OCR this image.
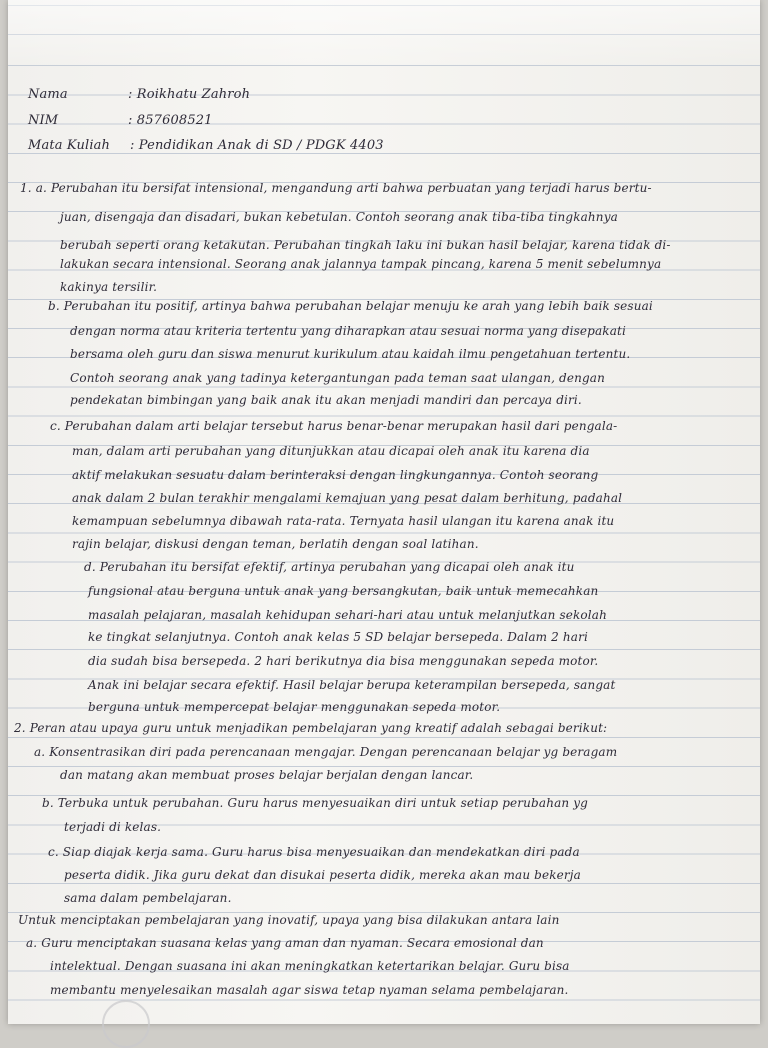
Nama	: Roikhatu Zahroh
NIM	: 857608521
Mata Kuliah : Pendidikan Anak di SD / PDGK 4403
1. a. Perubahan itu bersifat intensional, mengandung arti bahwa perbuatan yang terjadi harus bertu-
juan, disengaja dan disadari, bukan kebetulan. Contoh seorang anak tiba-tiba tingkahnya
berubah seperti orang ketakutan. Perubahan tingkah laku ini bukan hasil belajar, karena tidak di-
lakukan secara intensional. Seorang anak jalannya tampak pincang, karena 5 menit sebelumnya
kakinya tersilir.
b. Perubahan itu positif, artinya bahwa perubahan belajar menuju ke arah yang lebih baik sesuai
dengan norma atau kriteria tertentu yang diharapkan atau sesuai norma yang disepakati
bersama oleh guru dan siswa menurut kurikulum atau kaidah ilmu pengetahuan tertentu.
Contoh seorang anak yang tadinya ketergantungan pada teman saat ulangan, dengan
pendekatan bimbingan yang baik anak itu akan menjadi mandiri dan percaya diri.
c. Perubahan dalam arti belajar tersebut harus benar-benar merupakan hasil dari pengala-
man, dalam arti perubahan yang ditunjukkan atau dicapai oleh anak itu karena dia
aktif melakukan sesuatu dalam berinteraksi dengan lingkungannya. Contoh seorang
anak dalam 2 bulan terakhir mengalami kemajuan yang pesat dalam berhitung, padahal
kemampuan sebelumnya dibawah rata-rata. Ternyata hasil ulangan itu karena anak itu
rajin belajar, diskusi dengan teman, berlatih dengan soal latihan.
d. Perubahan itu bersifat efektif, artinya perubahan yang dicapai oleh anak itu
fungsional atau berguna untuk anak yang bersangkutan, baik untuk memecahkan
masalah pelajaran, masalah kehidupan sehari-hari atau untuk melanjutkan sekolah
ke tingkat selanjutnya. Contoh anak kelas 5 SD belajar bersepeda. Dalam 2 hari
dia sudah bisa bersepeda. 2 hari berikutnya dia bisa menggunakan sepeda motor.
Anak ini belajar secara efektif. Hasil belajar berupa keterampilan bersepeda, sangat
berguna untuk mempercepat belajar menggunakan sepeda motor.
2. Peran atau upaya guru untuk menjadikan pembelajaran yang kreatif adalah sebagai berikut:
a. Konsentrasikan diri pada perencanaan mengajar. Dengan perencanaan belajar yg beragam
dan matang akan membuat proses belajar berjalan dengan lancar.
b. Terbuka untuk perubahan. Guru harus menyesuaikan diri untuk setiap perubahan yg
terjadi di kelas.
c. Siap diajak kerja sama. Guru harus bisa menyesuaikan dan mendekatkan diri pada
peserta didik. Jika guru dekat dan disukai peserta didik, mereka akan mau bekerja
sama dalam pembelajaran.
Untuk menciptakan pembelajaran yang inovatif, upaya yang bisa dilakukan antara lain
a. Guru menciptakan suasana kelas yang aman dan nyaman. Secara emosional dan
intelektual. Dengan suasana ini akan meningkatkan ketertarikan belajar. Guru bisa
membantu menyelesaikan masalah agar siswa tetap nyaman selama pembelajaran.
